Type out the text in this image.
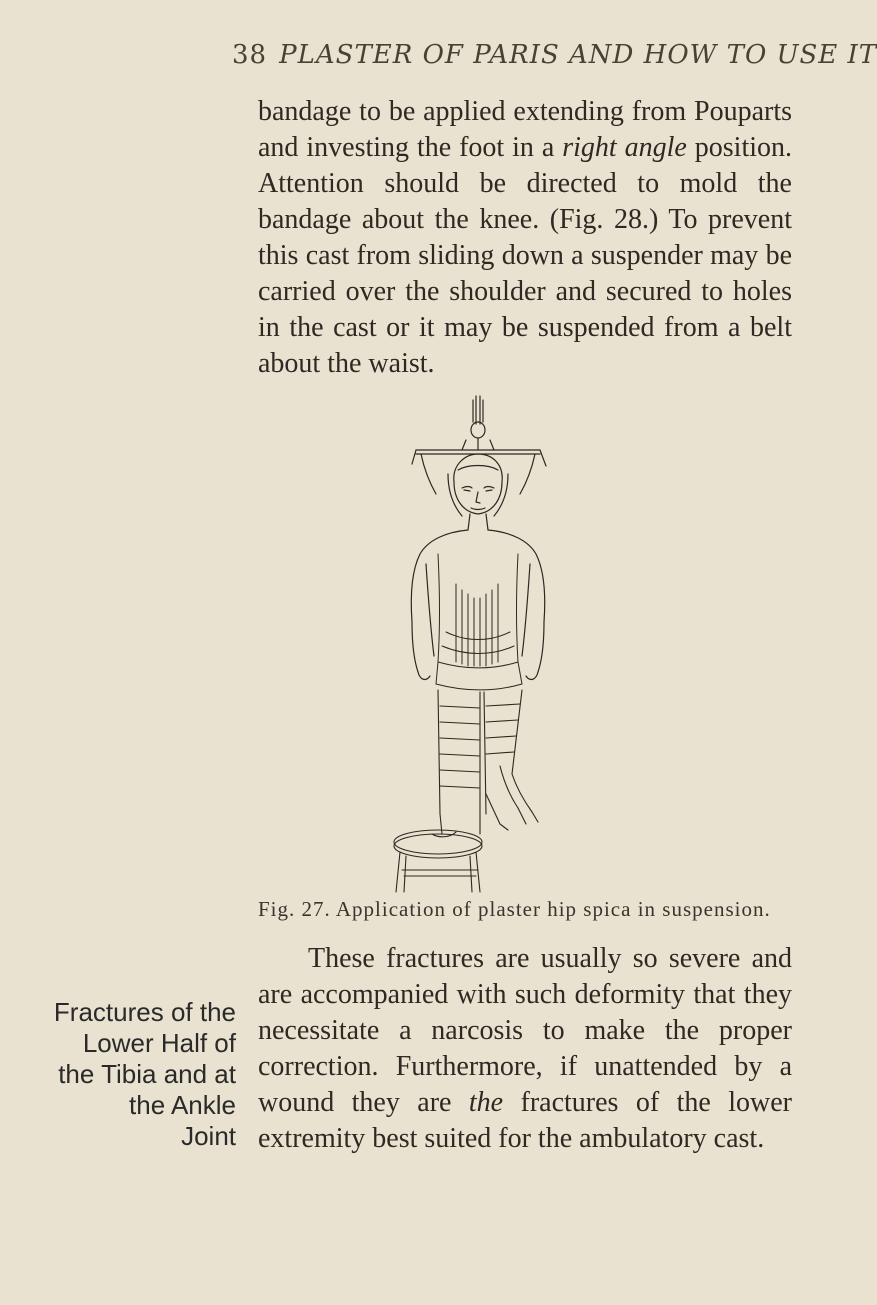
38 PLASTER OF PARIS AND HOW TO USE IT
bandage to be applied extending from Pouparts and investing the foot in a right angle position. Attention should be directed to mold the bandage about the knee. (Fig. 28.) To prevent this cast from sliding down a suspender may be carried over the shoulder and secured to holes in the cast or it may be suspended from a belt about the waist.
Fig. 27. Application of plaster hip spica in suspension.
Fractures of the
Lower Half of
the Tibia and at
the Ankle
Joint
These fractures are usually so severe and are accompanied with such deformity that they necessitate a narcosis to make the proper correction. Furthermore, if unattended by a wound they are the fractures of the lower extremity best suited for the ambulatory cast.
